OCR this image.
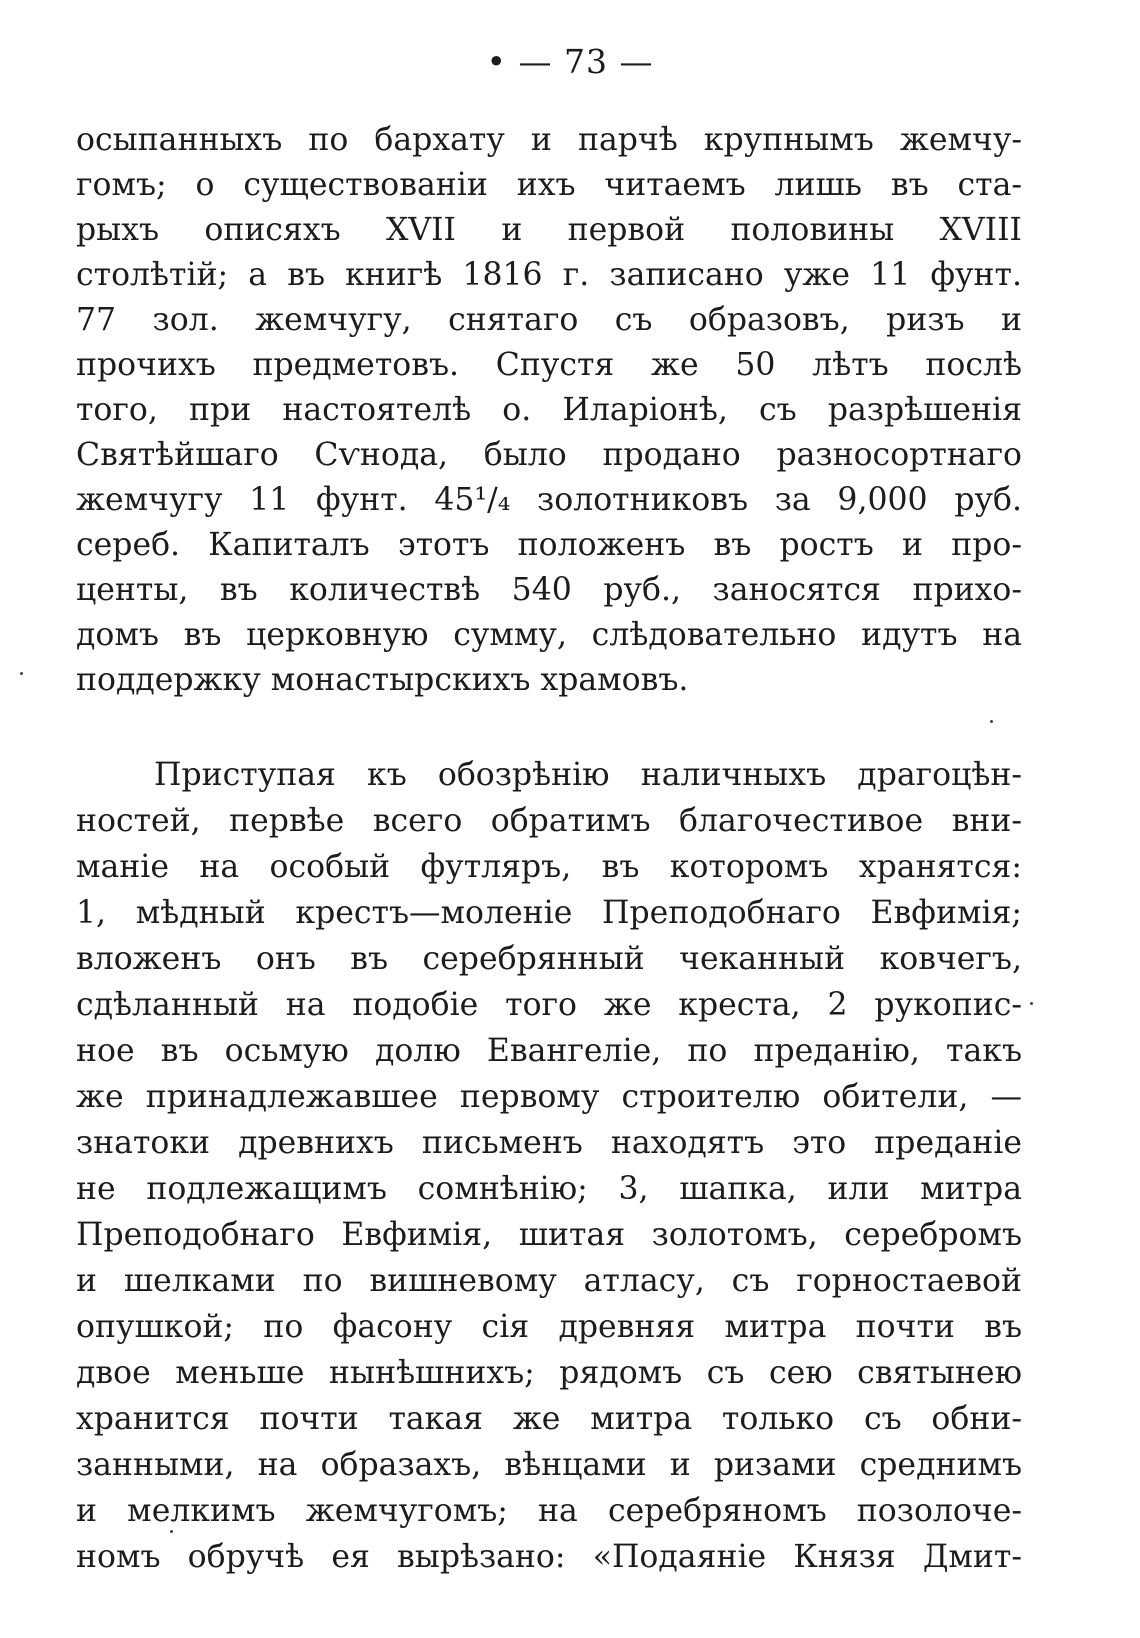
• — 73 —
осыпанныхъ по бархату и парчѣ крупнымъ жемчу-
гомъ; о существованіи ихъ читаемъ лишь въ ста-
рыхъ описяхъ XVII и первой половины XVIII
столѣтій; а въ книгѣ 1816 г. записано уже 11 фунт.
77 зол. жемчугу, снятаго съ образовъ, ризъ и
прочихъ предметовъ. Спустя же 50 лѣтъ послѣ
того, при настоятелѣ о. Иларіонѣ, съ разрѣшенія
Святѣйшаго Сѵнода, было продано разносортнаго
жемчугу 11 фунт. 45¹/₄ золотниковъ за 9,000 руб.
сереб. Капиталъ этотъ положенъ въ ростъ и про-
центы, въ количествѣ 540 руб., заносятся прихо-
домъ въ церковную сумму, слѣдовательно идутъ на
поддержку монастырскихъ храмовъ.
Приступая къ обозрѣнію наличныхъ драгоцѣн-
ностей, первѣе всего обратимъ благочестивое вни-
маніе на особый футляръ, въ которомъ хранятся:
1, мѣдный крестъ—моленіе Преподобнаго Евфимія;
вложенъ онъ въ серебрянный чеканный ковчегъ,
сдѣланный на подобіе того же креста, 2 рукопис-
ное въ осьмую долю Евангеліе, по преданію, такъ
же принадлежавшее первому строителю обители, —
знатоки древнихъ письменъ находятъ это преданіе
не подлежащимъ сомнѣнію; 3, шапка, или митра
Преподобнаго Евфимія, шитая золотомъ, серебромъ
и шелками по вишневому атласу, съ горностаевой
опушкой; по фасону сія древняя митра почти въ
двое меньше нынѣшнихъ; рядомъ съ сею святынею
хранится почти такая же митра только съ обни-
занными, на образахъ, вѣнцами и ризами среднимъ
и мелкимъ жемчугомъ; на серебряномъ позолоче-
номъ обручѣ ея вырѣзано: «Подаяніе Князя Дмит-
